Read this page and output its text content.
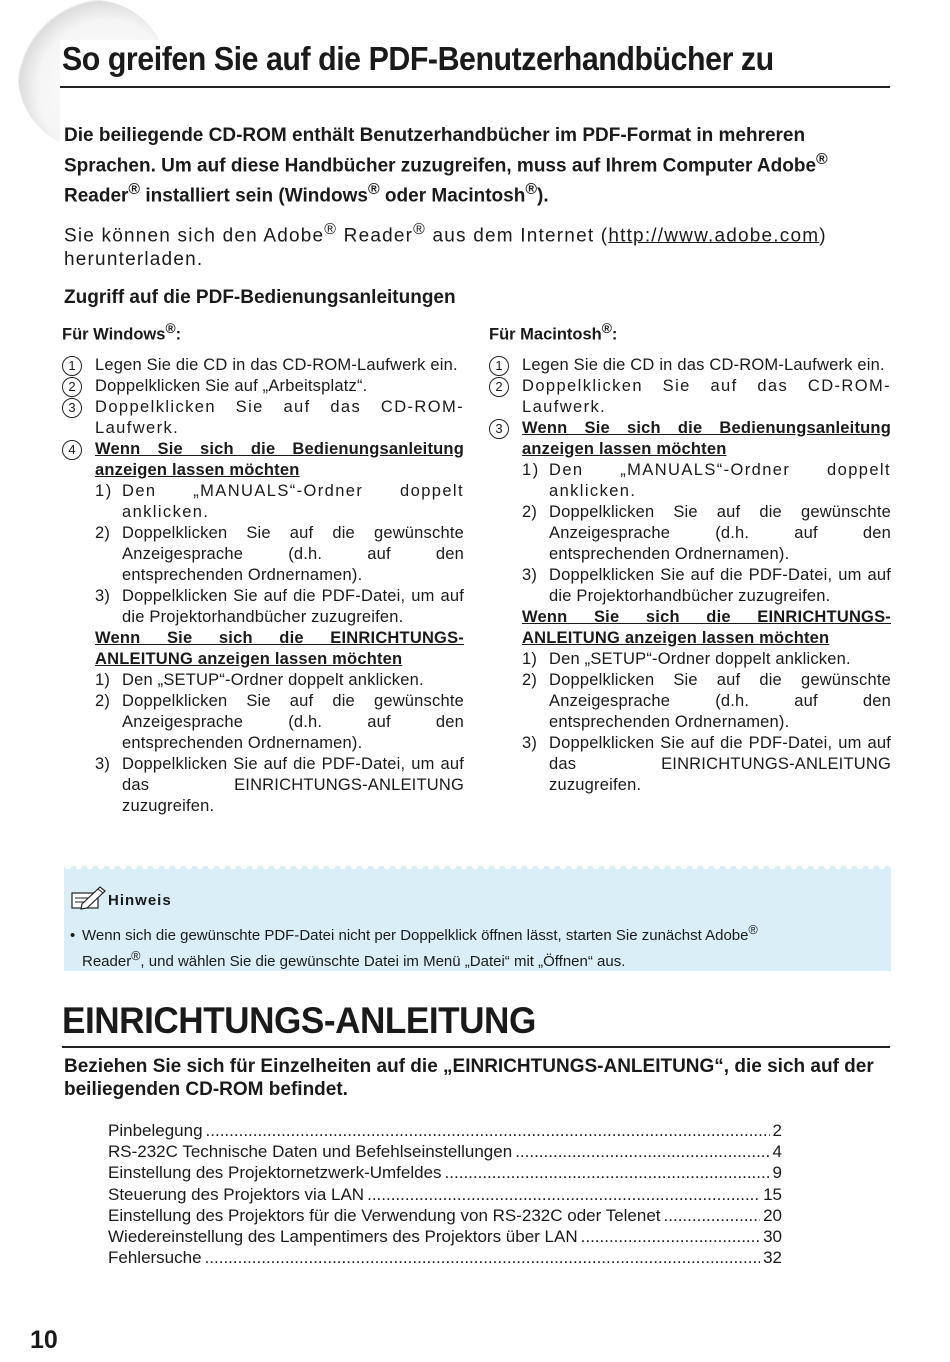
So greifen Sie auf die PDF-Benutzerhandbücher zu

Die beiliegende CD-ROM enthält Benutzerhandbücher im PDF-Format in mehreren Sprachen. Um auf diese Handbücher zuzugreifen, muss auf Ihrem Computer Adobe® Reader® installiert sein (Windows® oder Macintosh®).

Sie können sich den Adobe® Reader® aus dem Internet (http://www.adobe.com) herunterladen.

Zugriff auf die PDF-Bedienungsanleitungen
Für Windows®:
1	Legen Sie die CD in das CD-ROM-Laufwerk ein.
2	Doppelklicken Sie auf „Arbeitsplatz“.
3	Doppelklicken Sie auf das CD-ROM-Laufwerk.
4	Wenn Sie sich die Bedienungsanleitung anzeigen lassen möchten
1) Den „MANUALS“-Ordner doppelt anklicken.
2) Doppelklicken Sie auf die gewünschte Anzeigesprache (d.h. auf den entsprechenden Ordnernamen).
3) Doppelklicken Sie auf die PDF-Datei, um auf die Projektorhandbücher zuzugreifen.
Wenn Sie sich die EINRICHTUNGS-ANLEITUNG anzeigen lassen möchten
1) Den „SETUP“-Ordner doppelt anklicken.
2) Doppelklicken Sie auf die gewünschte Anzeigesprache (d.h. auf den entsprechenden Ordnernamen).
3) Doppelklicken Sie auf die PDF-Datei, um auf das EINRICHTUNGS-ANLEITUNG zuzugreifen.
Für Macintosh®:
1	Legen Sie die CD in das CD-ROM-Laufwerk ein.
2	Doppelklicken Sie auf das CD-ROM-Laufwerk.
3	Wenn Sie sich die Bedienungsanleitung anzeigen lassen möchten
1) Den „MANUALS“-Ordner doppelt anklicken.
2) Doppelklicken Sie auf die gewünschte Anzeigesprache (d.h. auf den entsprechenden Ordnernamen).
3) Doppelklicken Sie auf die PDF-Datei, um auf die Projektorhandbücher zuzugreifen.
Wenn Sie sich die EINRICHTUNGS-ANLEITUNG anzeigen lassen möchten
1) Den „SETUP“-Ordner doppelt anklicken.
2) Doppelklicken Sie auf die gewünschte Anzeigesprache (d.h. auf den entsprechenden Ordnernamen).
3) Doppelklicken Sie auf die PDF-Datei, um auf das EINRICHTUNGS-ANLEITUNG zuzugreifen.
Hinweis
• Wenn sich die gewünschte PDF-Datei nicht per Doppelklick öffnen lässt, starten Sie zunächst Adobe®
Reader®, und wählen Sie die gewünschte Datei im Menü „Datei“ mit „Öffnen“ aus.
EINRICHTUNGS-ANLEITUNG

Beziehen Sie sich für Einzelheiten auf die „EINRICHTUNGS-ANLEITUNG“, die sich auf der beiliegenden CD-ROM befindet.

Pinbelegung .....	2
RS-232C Technische Daten und Befehlseinstellungen .....	4
Einstellung des Projektornetzwerk-Umfeldes .....	9
Steuerung des Projektors via LAN .....	15
Einstellung des Projektors für die Verwendung von RS-232C oder Telenet .....	20
Wiedereinstellung des Lampentimers des Projektors über LAN .....	30
Fehlersuche .....	32
10
